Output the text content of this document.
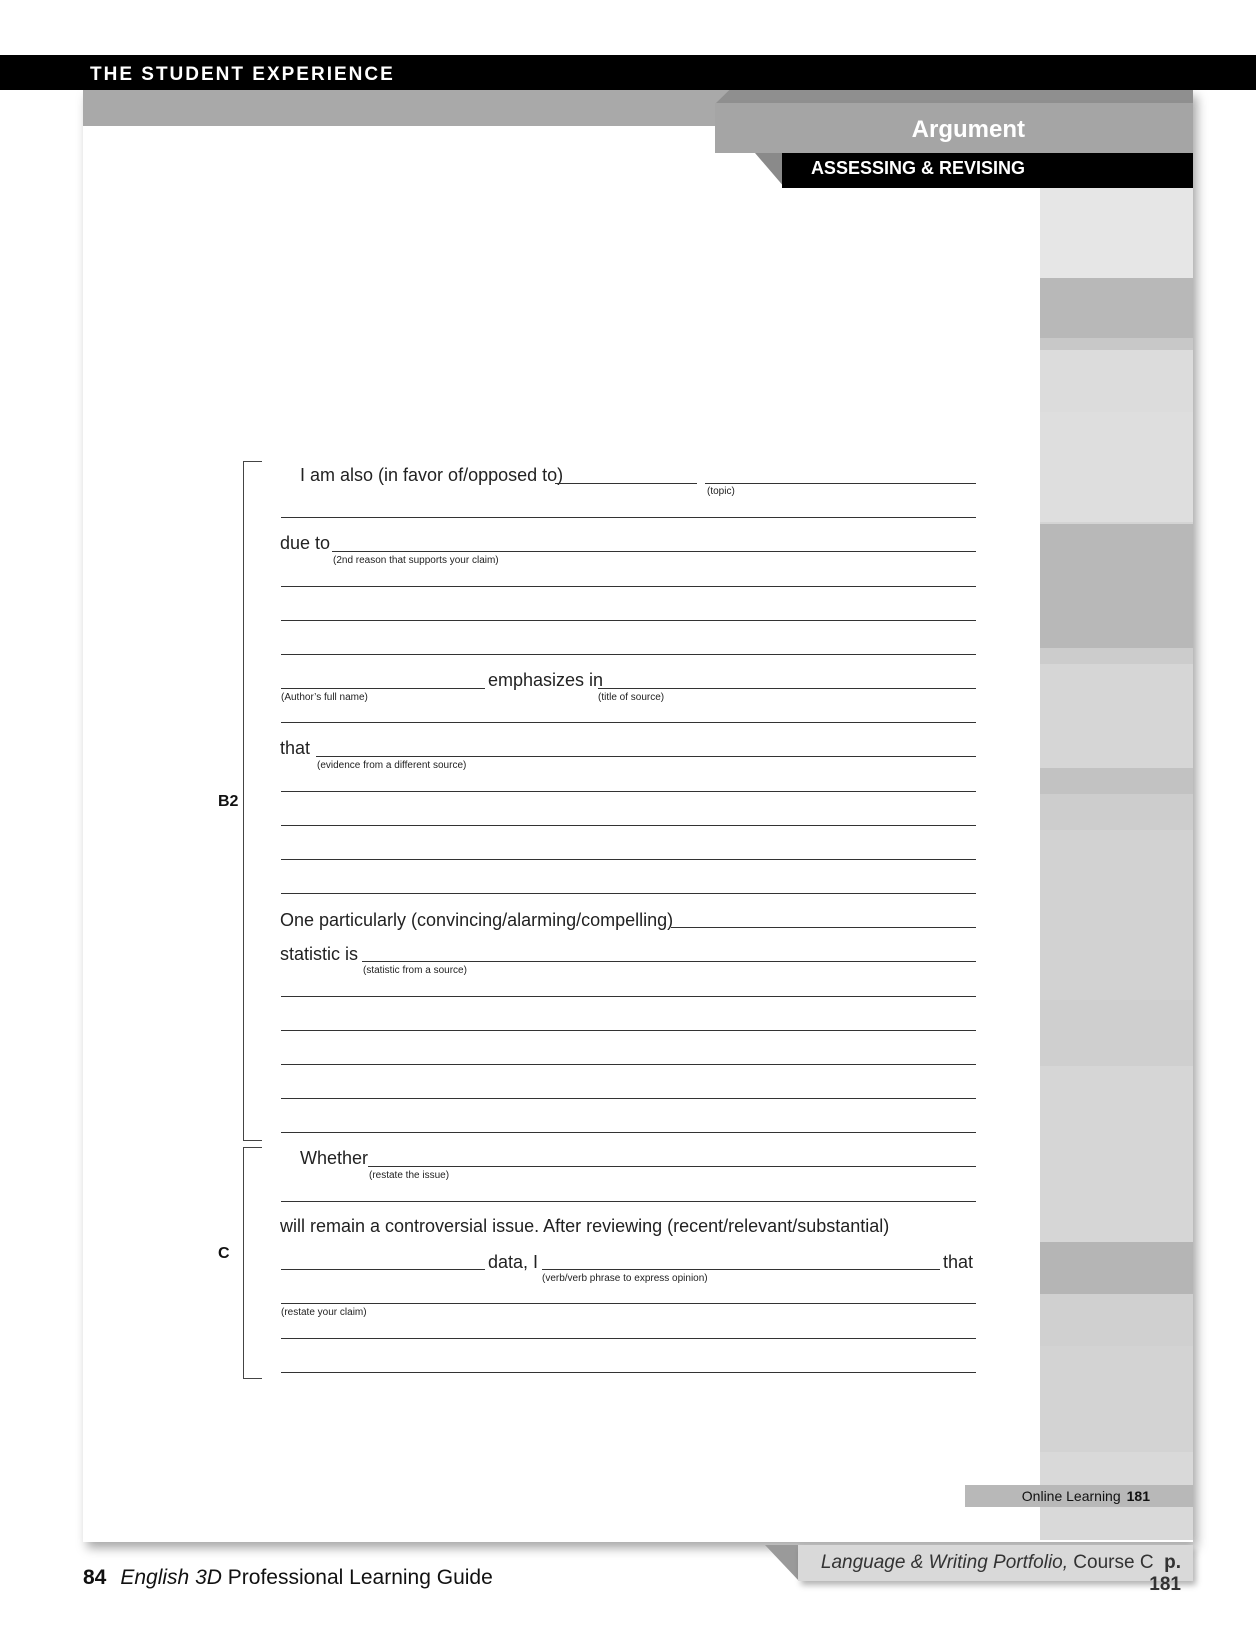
THE STUDENT EXPERIENCE
Argument
ASSESSING & REVISING
B2
I am also (in favor of/opposed to)
(topic)
due to
(2nd reason that supports your claim)
(Author’s full name)
emphasizes in
(title of source)
that
(evidence from a different source)
One particularly (convincing/alarming/compelling)
statistic is
(statistic from a source)
C
Whether
(restate the issue)
will remain a controversial issue. After reviewing (recent/relevant/substantial)
data, I
(verb/verb phrase to express opinion)
that
(restate your claim)
Online Learning 181
Language & Writing Portfolio, Course C p. 181
84 English 3D Professional Learning Guide
